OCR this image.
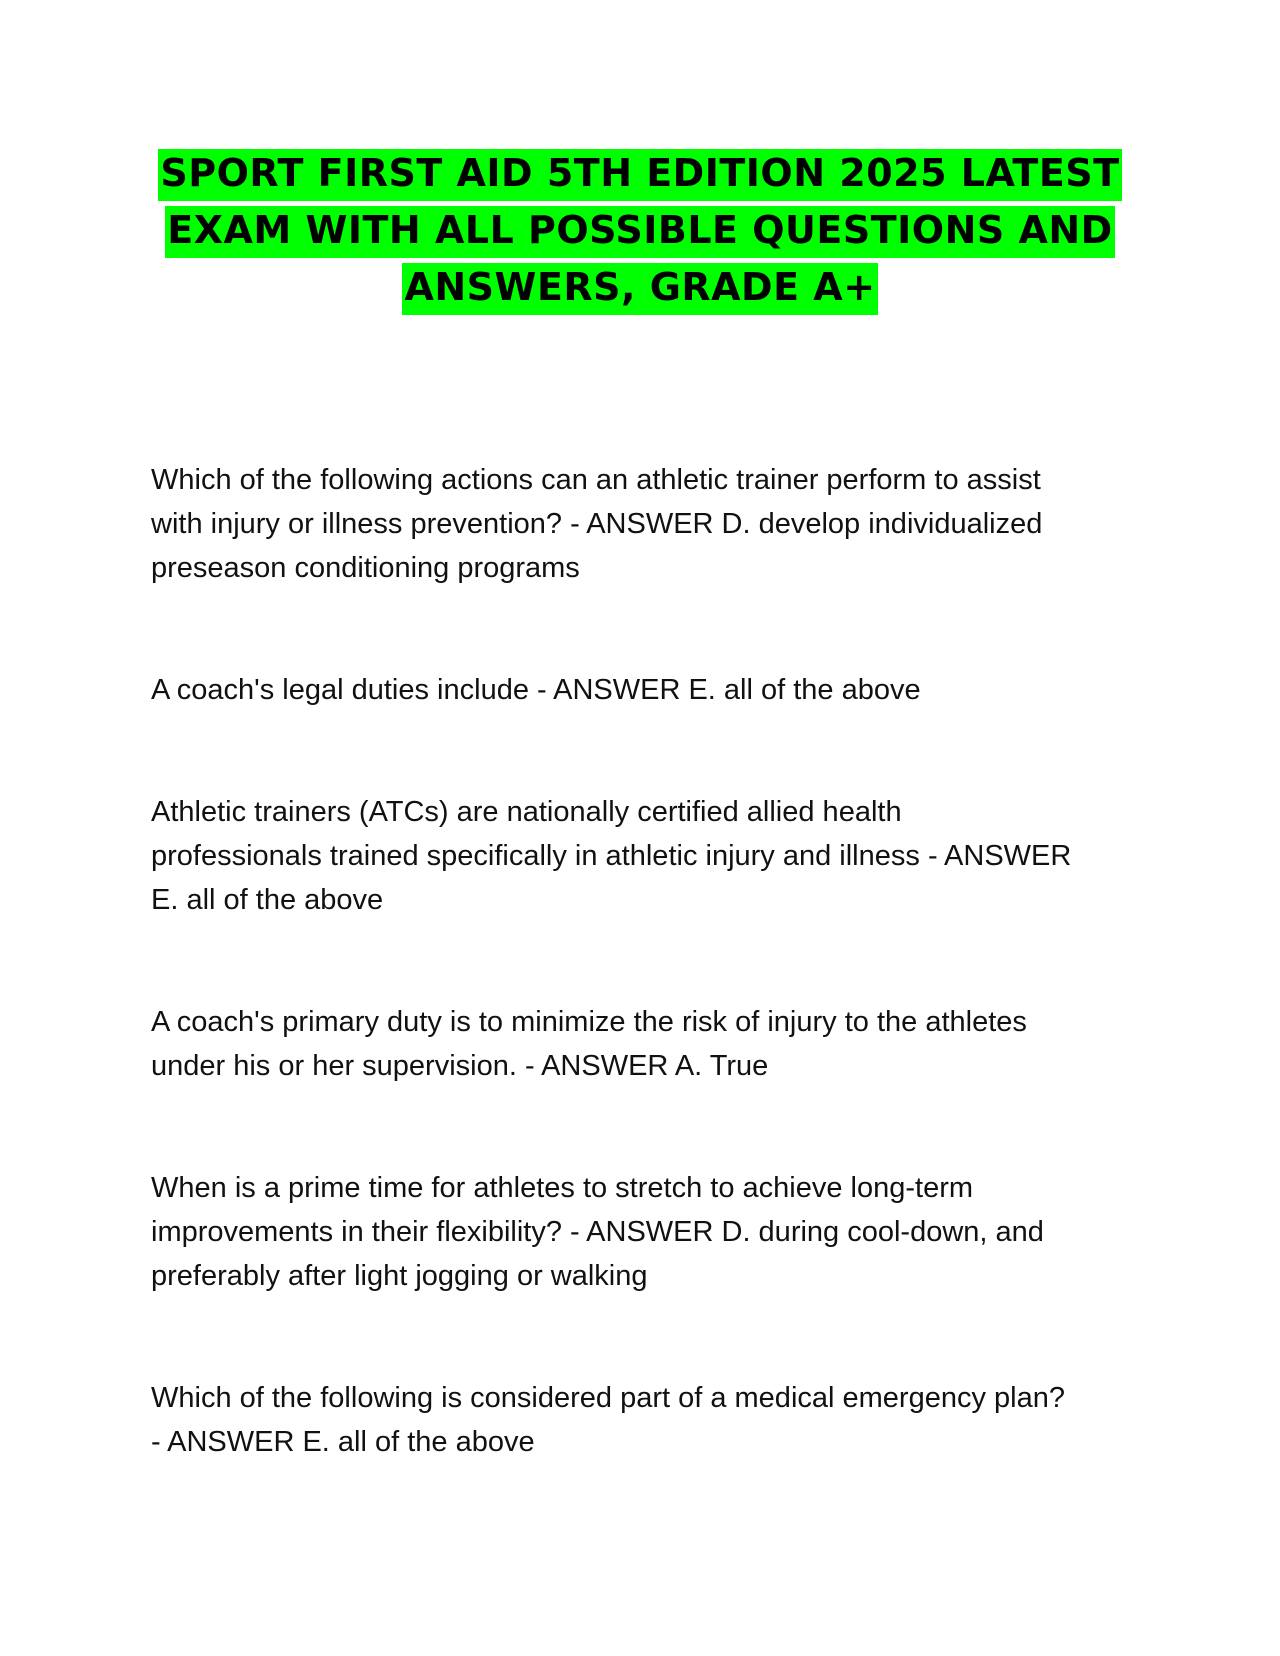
SPORT FIRST AID 5TH EDITION 2025 LATEST
EXAM WITH ALL POSSIBLE QUESTIONS AND
ANSWERS, GRADE A+

Which of the following actions can an athletic trainer perform to assist
with injury or illness prevention? - ANSWER D. develop individualized
preseason conditioning programs

A coach's legal duties include - ANSWER E. all of the above

Athletic trainers (ATCs) are nationally certified allied health
professionals trained specifically in athletic injury and illness - ANSWER
E. all of the above

A coach's primary duty is to minimize the risk of injury to the athletes
under his or her supervision. - ANSWER A. True

When is a prime time for athletes to stretch to achieve long-term
improvements in their flexibility? - ANSWER D. during cool-down, and
preferably after light jogging or walking

Which of the following is considered part of a medical emergency plan?
- ANSWER E. all of the above
